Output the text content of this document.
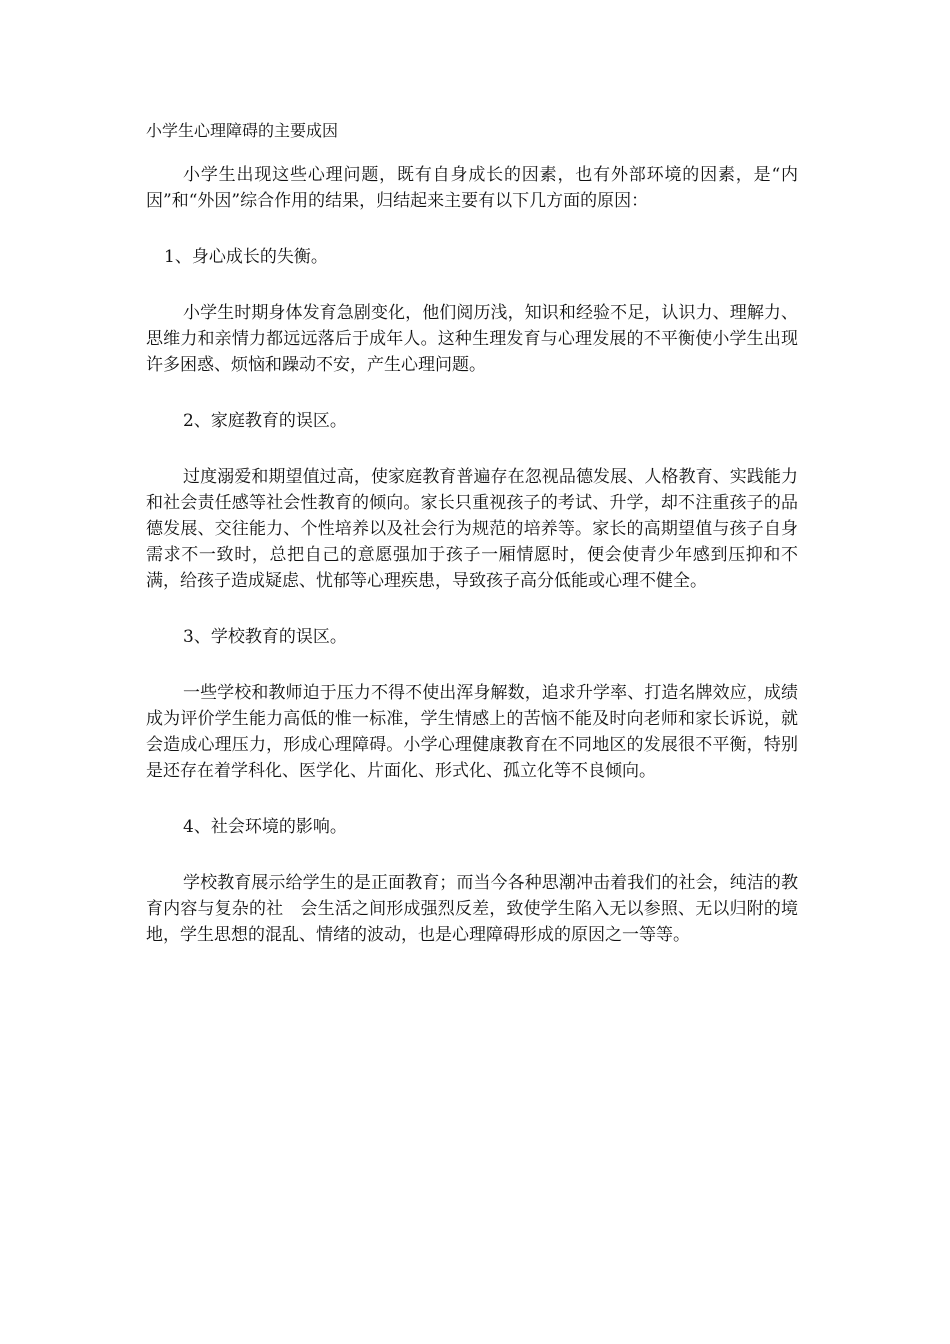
小学生心理障碍的主要成因

小学生出现这些心理问题，既有自身成长的因素，也有外部环境的因素，是“内因”和“外因”综合作用的结果，归结起来主要有以下几方面的原因：

1、身心成长的失衡。

小学生时期身体发育急剧变化，他们阅历浅，知识和经验不足，认识力、理解力、思维力和亲情力都远远落后于成年人。这种生理发育与心理发展的不平衡使小学生出现许多困惑、烦恼和躁动不安，产生心理问题。

2、家庭教育的误区。

过度溺爱和期望值过高，使家庭教育普遍存在忽视品德发展、人格教育、实践能力和社会责任感等社会性教育的倾向。家长只重视孩子的考试、升学，却不注重孩子的品德发展、交往能力、个性培养以及社会行为规范的培养等。家长的高期望值与孩子自身需求不一致时，总把自己的意愿强加于孩子一厢情愿时，便会使青少年感到压抑和不满，给孩子造成疑虑、忧郁等心理疾患，导致孩子高分低能或心理不健全。

3、学校教育的误区。

一些学校和教师迫于压力不得不使出浑身解数，追求升学率、打造名牌效应，成绩成为评价学生能力高低的惟一标准，学生情感上的苦恼不能及时向老师和家长诉说，就会造成心理压力，形成心理障碍。小学心理健康教育在不同地区的发展很不平衡，特别是还存在着学科化、医学化、片面化、形式化、孤立化等不良倾向。

4、社会环境的影响。

学校教育展示给学生的是正面教育；而当今各种思潮冲击着我们的社会，纯洁的教育内容与复杂的社　会生活之间形成强烈反差，致使学生陷入无以参照、无以归附的境地，学生思想的混乱、情绪的波动，也是心理障碍形成的原因之一等等。
